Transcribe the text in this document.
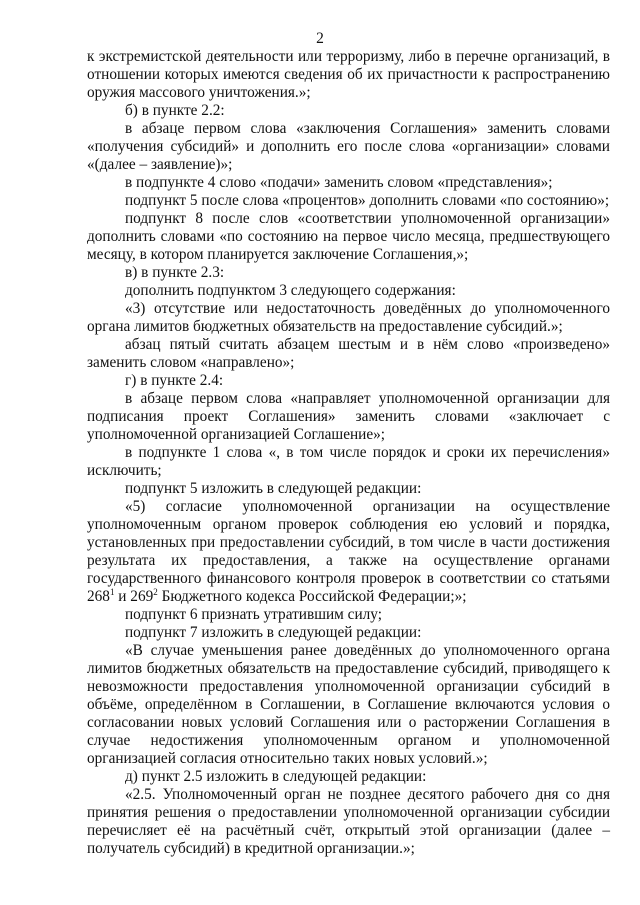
2

к экстремистской деятельности или терроризму, либо в перечне организаций, в отношении которых имеются сведения об их причастности к распространению оружия массового уничтожения.»;

б) в пункте 2.2:

в абзаце первом слова «заключения Соглашения» заменить словами «получения субсидий» и дополнить его после слова «организации» словами «(далее – заявление)»;

в подпункте 4 слово «подачи» заменить словом «представления»;

подпункт 5 после слова «процентов» дополнить словами «по состоянию»;

подпункт 8 после слов «соответствии уполномоченной организации» дополнить словами «по состоянию на первое число месяца, предшествующего месяцу, в котором планируется заключение Соглашения,»;

в) в пункте 2.3:

дополнить подпунктом 3 следующего содержания:

«3) отсутствие или недостаточность доведённых до уполномоченного органа лимитов бюджетных обязательств на предоставление субсидий.»;

абзац пятый считать абзацем шестым и в нём слово «произведено» заменить словом «направлено»;

г) в пункте 2.4:

в абзаце первом слова «направляет уполномоченной организации для подписания проект Соглашения» заменить словами «заключает с уполномоченной организацией Соглашение»;

в подпункте 1 слова «, в том числе порядок и сроки их перечисления» исключить;

подпункт 5 изложить в следующей редакции:

«5) согласие уполномоченной организации на осуществление уполномоченным органом проверок соблюдения ею условий и порядка, установленных при предоставлении субсидий, в том числе в части достижения результата их предоставления, а также на осуществление органами государственного финансового контроля проверок в соответствии со статьями $268^1$ и $269^2$ Бюджетного кодекса Российской Федерации;»;

подпункт 6 признать утратившим силу;

подпункт 7 изложить в следующей редакции:

«В случае уменьшения ранее доведённых до уполномоченного органа лимитов бюджетных обязательств на предоставление субсидий, приводящего к невозможности предоставления уполномоченной организации субсидий в объёме, определённом в Соглашении, в Соглашение включаются условия о согласовании новых условий Соглашения или о расторжении Соглашения в случае недостижения уполномоченным органом и уполномоченной организацией согласия относительно таких новых условий.»;

д) пункт 2.5 изложить в следующей редакции:

«2.5. Уполномоченный орган не позднее десятого рабочего дня со дня принятия решения о предоставлении уполномоченной организации субсидии перечисляет её на расчётный счёт, открытый этой организации (далее – получатель субсидий) в кредитной организации.»;
